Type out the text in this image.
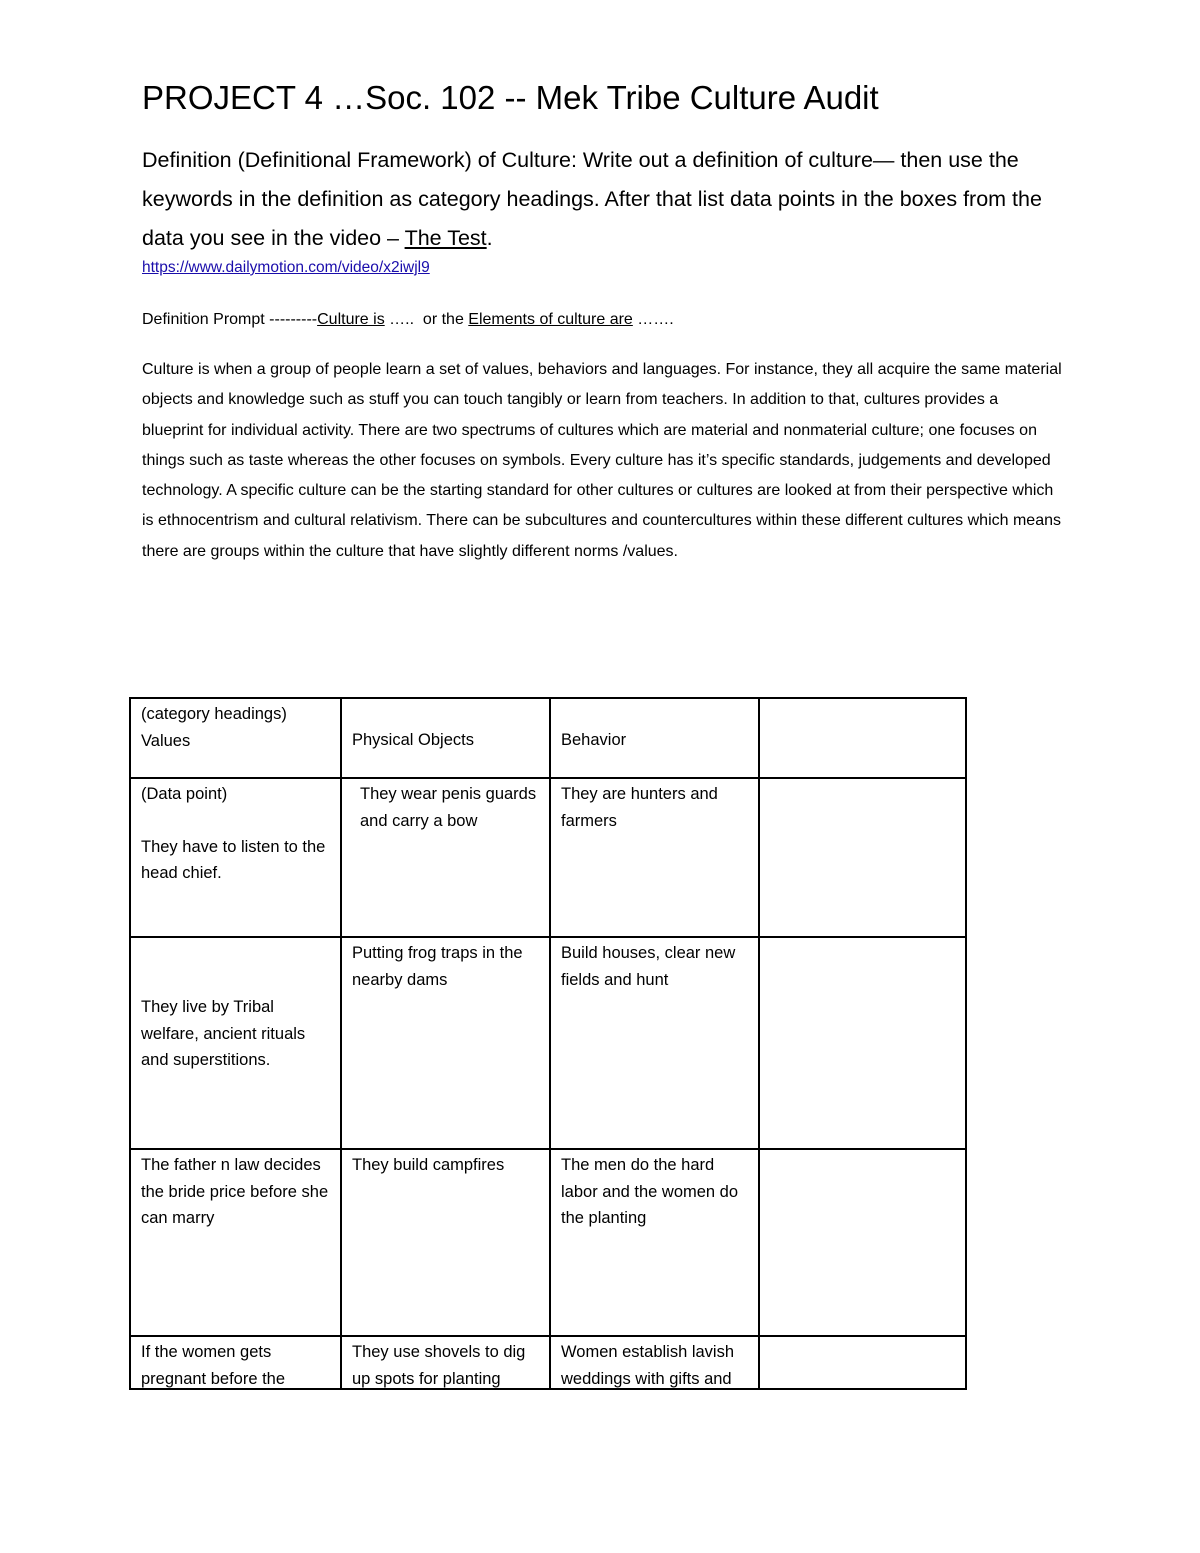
PROJECT 4 …Soc. 102 -- Mek Tribe Culture Audit
Definition (Definitional Framework) of Culture: Write out a definition of culture— then use the keywords in the definition as category headings. After that list data points in the boxes from the data you see in the video – The Test.
https://www.dailymotion.com/video/x2iwjl9
Definition Prompt ---------Culture is …..  or the Elements of culture are …….
Culture is when a group of people learn a set of values, behaviors and languages. For instance, they all acquire the same material objects and knowledge such as stuff you can touch tangibly or learn from teachers. In addition to that, cultures provides a blueprint for individual activity. There are two spectrums of cultures which are material and nonmaterial culture; one focuses on things such as taste whereas the other focuses on symbols. Every culture has it’s specific standards, judgements and developed technology. A specific culture can be the starting standard for other cultures or cultures are looked at from their perspective which is ethnocentrism and cultural relativism. There can be subcultures and countercultures within these different cultures which means there are groups within the culture that have slightly different norms /values.
(category headings)
Values	Physical Objects	Behavior	

(Data point)
They have to listen to the head chief.	They wear penis guards and carry a bow	They are hunters and farmers	

They live by Tribal welfare, ancient rituals and superstitions.	Putting frog traps in the nearby dams	Build houses, clear new fields and hunt	

The father n law decides the bride price before she can marry	They build campfires	The men do the hard labor and the women do the planting	

If the women gets pregnant before the	They use shovels to dig up spots for planting	Women establish lavish weddings with gifts and	
